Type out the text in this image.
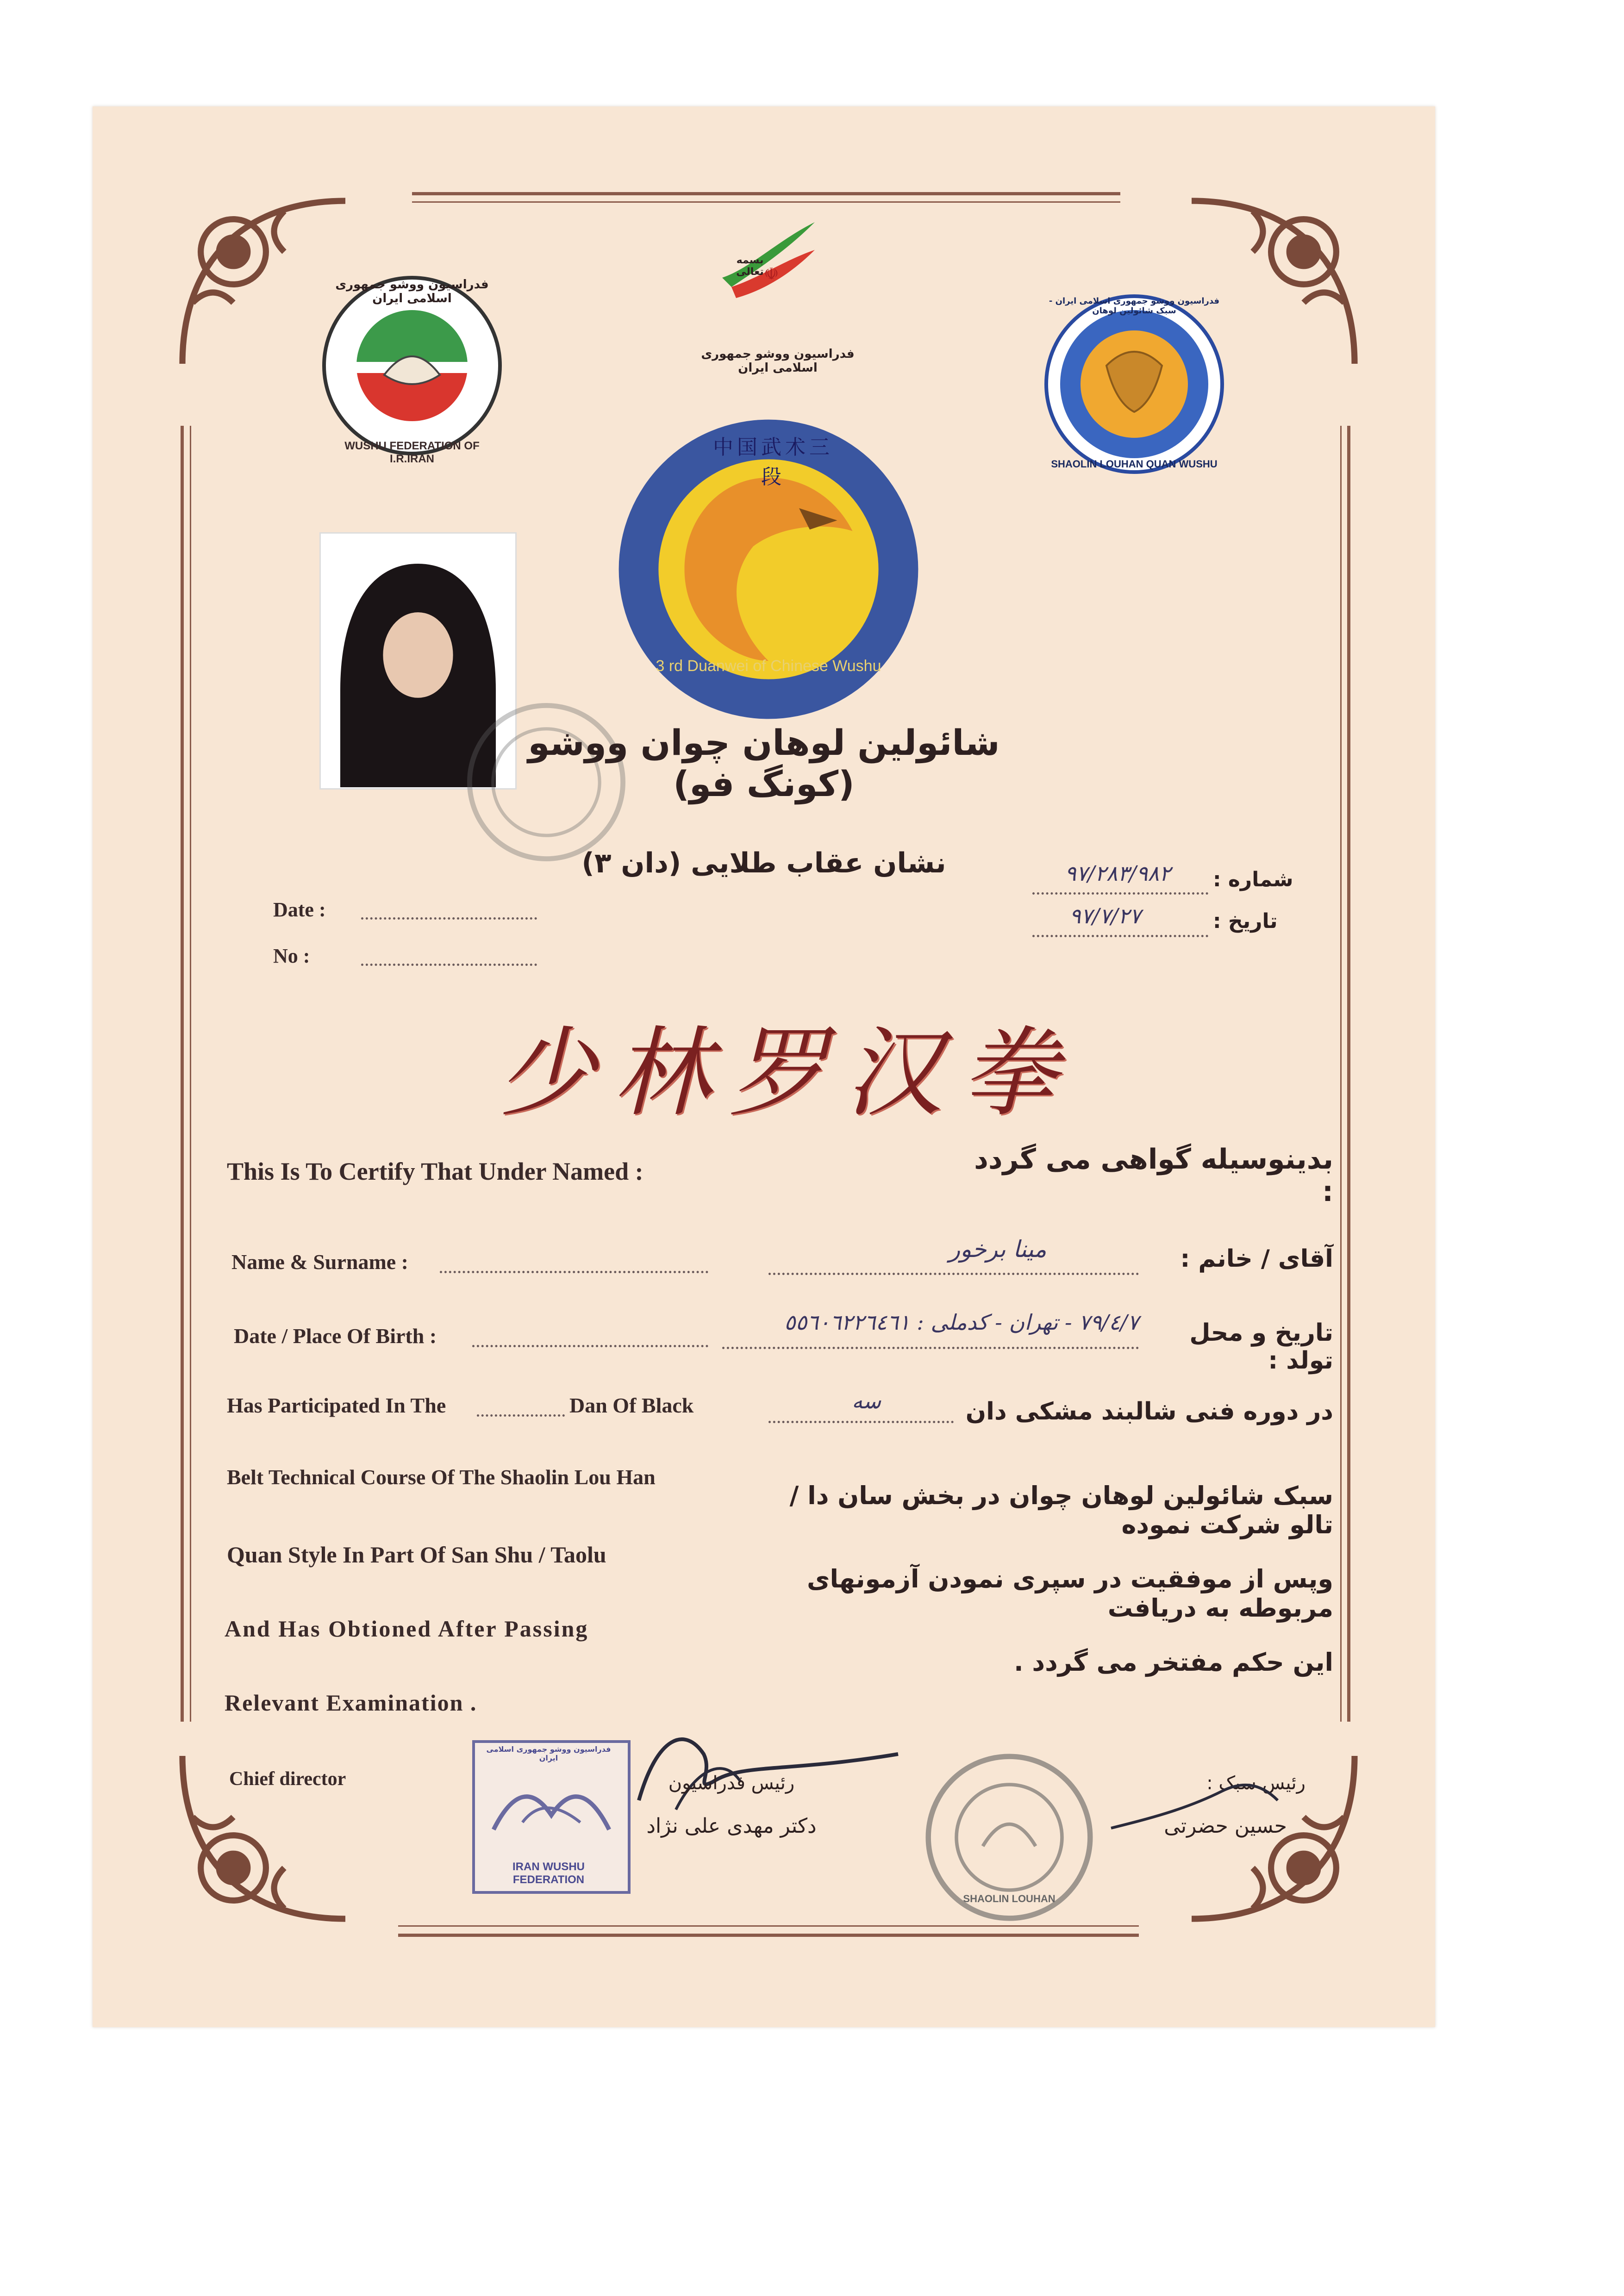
فدراسیون ووشو جمهوری اسلامی ایران
WUSHU FEDERATION OF I.R.IRAN
☫
بسمه تعالی
فدراسیون ووشو جمهوری اسلامی ایران
فدراسیون ووشو جمهوری اسلامی ایران - سبک شائولین لوهان
SHAOLIN LOUHAN QUAN WUSHU
中国武术三段
3 rd Duanwei of Chinese Wushu
شائولین لوهان چوان ووشو (کونگ فو)
نشان عقاب طلایی (دان ٣)
Date :
No :
شماره :
٩٧/٢٨٣/٩٨٢
تاریخ :
٩٧/٧/٢٧
少林罗汉拳
This Is To Certify That Under Named :
Name & Surname :
Date / Place Of Birth :
Has Participated In The	Dan Of Black
Belt Technical Course Of The Shaolin Lou Han
Quan Style In Part Of San Shu / Taolu
And Has Obtioned After Passing
Relevant Examination .
Chief director
بدینوسیله گواهی می گردد :
آقای / خانم :
مینا برخور
تاریخ و محل تولد :
٧٩/٤/٧ - تهران - کدملی : ٥٥٦٠٦٢٢٦٤٦١
در دوره فنی شالبند مشکی دان
سه
سبک شائولین لوهان چوان در بخش سان دا / تالو شرکت نموده
وپس از موفقیت در سپری نمودن آزمونهای مربوطه به دریافت
این حکم مفتخر می گردد .
فدراسیون ووشو جمهوری اسلامی ایران
IRAN WUSHU FEDERATION
رئیس فدراسیون
دکتر مهدی علی نژاد
SHAOLIN LOUHAN
رئیس سبک :
حسین حضرتی
